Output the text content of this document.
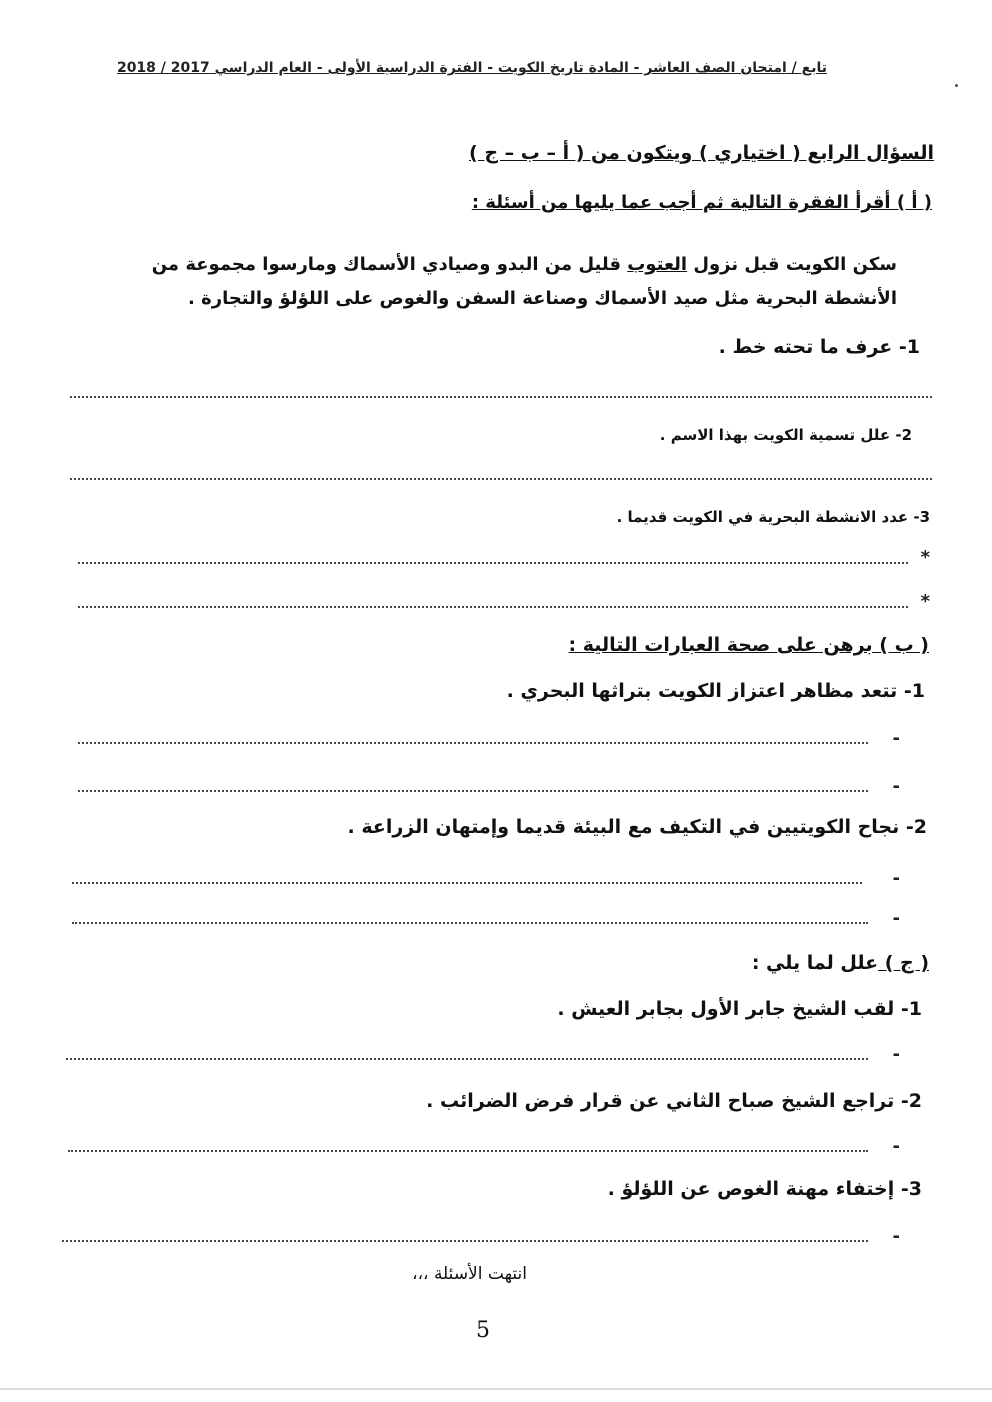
تابع / امتحان الصف العاشر - المادة تاريخ الكويت - الفترة الدراسية الأولى - العام الدراسي 2017 / 2018
السؤال الرابع ( اختياري ) ويتكون من ( أ – ب – ج )
( أ ) أقرأ الفقرة التالية ثم أجب عما يليها من أسئلة :
سكن الكويت قبل نزول العتوب قليل من البدو وصيادي الأسماك ومارسوا مجموعة من الأنشطة البحرية مثل صيد الأسماك وصناعة السفن والغوص على اللؤلؤ والتجارة .
1- عرف ما تحته خط .
2- علل تسمية الكويت بهذا الاسم .
3- عدد الانشطة البحرية في الكويت قديما .
*
*
( ب ) برهن على صحة العبارات التالية :
1- تتعد مظاهر اعتزاز الكويت بتراثها البحري .
-
-
2- نجاح الكويتيين في التكيف مع البيئة قديما وإمتهان الزراعة .
-
-
( ج ) علل لما يلي :
1- لقب الشيخ جابر الأول بجابر العيش .
-
2- تراجع الشيخ صباح الثاني عن قرار فرض الضرائب .
-
3- إختفاء مهنة الغوص عن اللؤلؤ .
-
انتهت الأسئلة ،،،
5
